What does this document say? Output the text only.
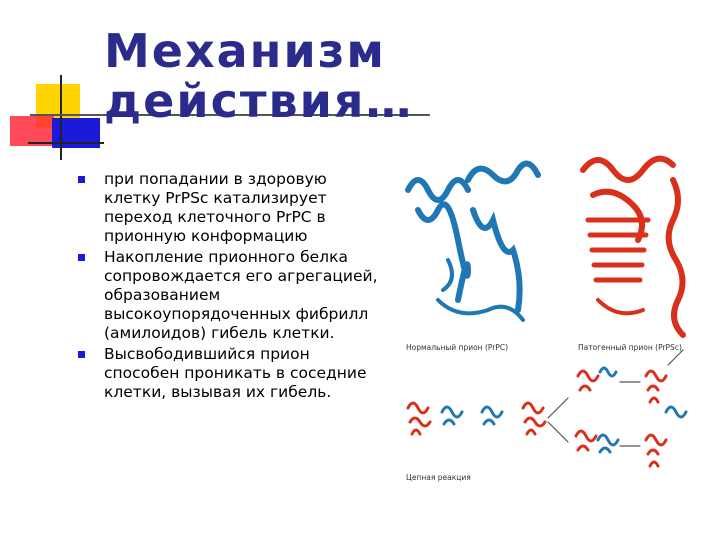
Механизм действия…
при попадании в здоровую клетку PrPSc катализирует переход клеточного PrPC в прионную конформацию
Накопление прионного белка сопровождается его агрегацией, образованием высокоупорядоченных фибрилл (амилоидов) гибель клетки.
Высвободившийся прион способен проникать в соседние клетки, вызывая их гибель.
Нормальный прион (PrPC)	Патогенный прион (PrPSc)
Цепная реакция
